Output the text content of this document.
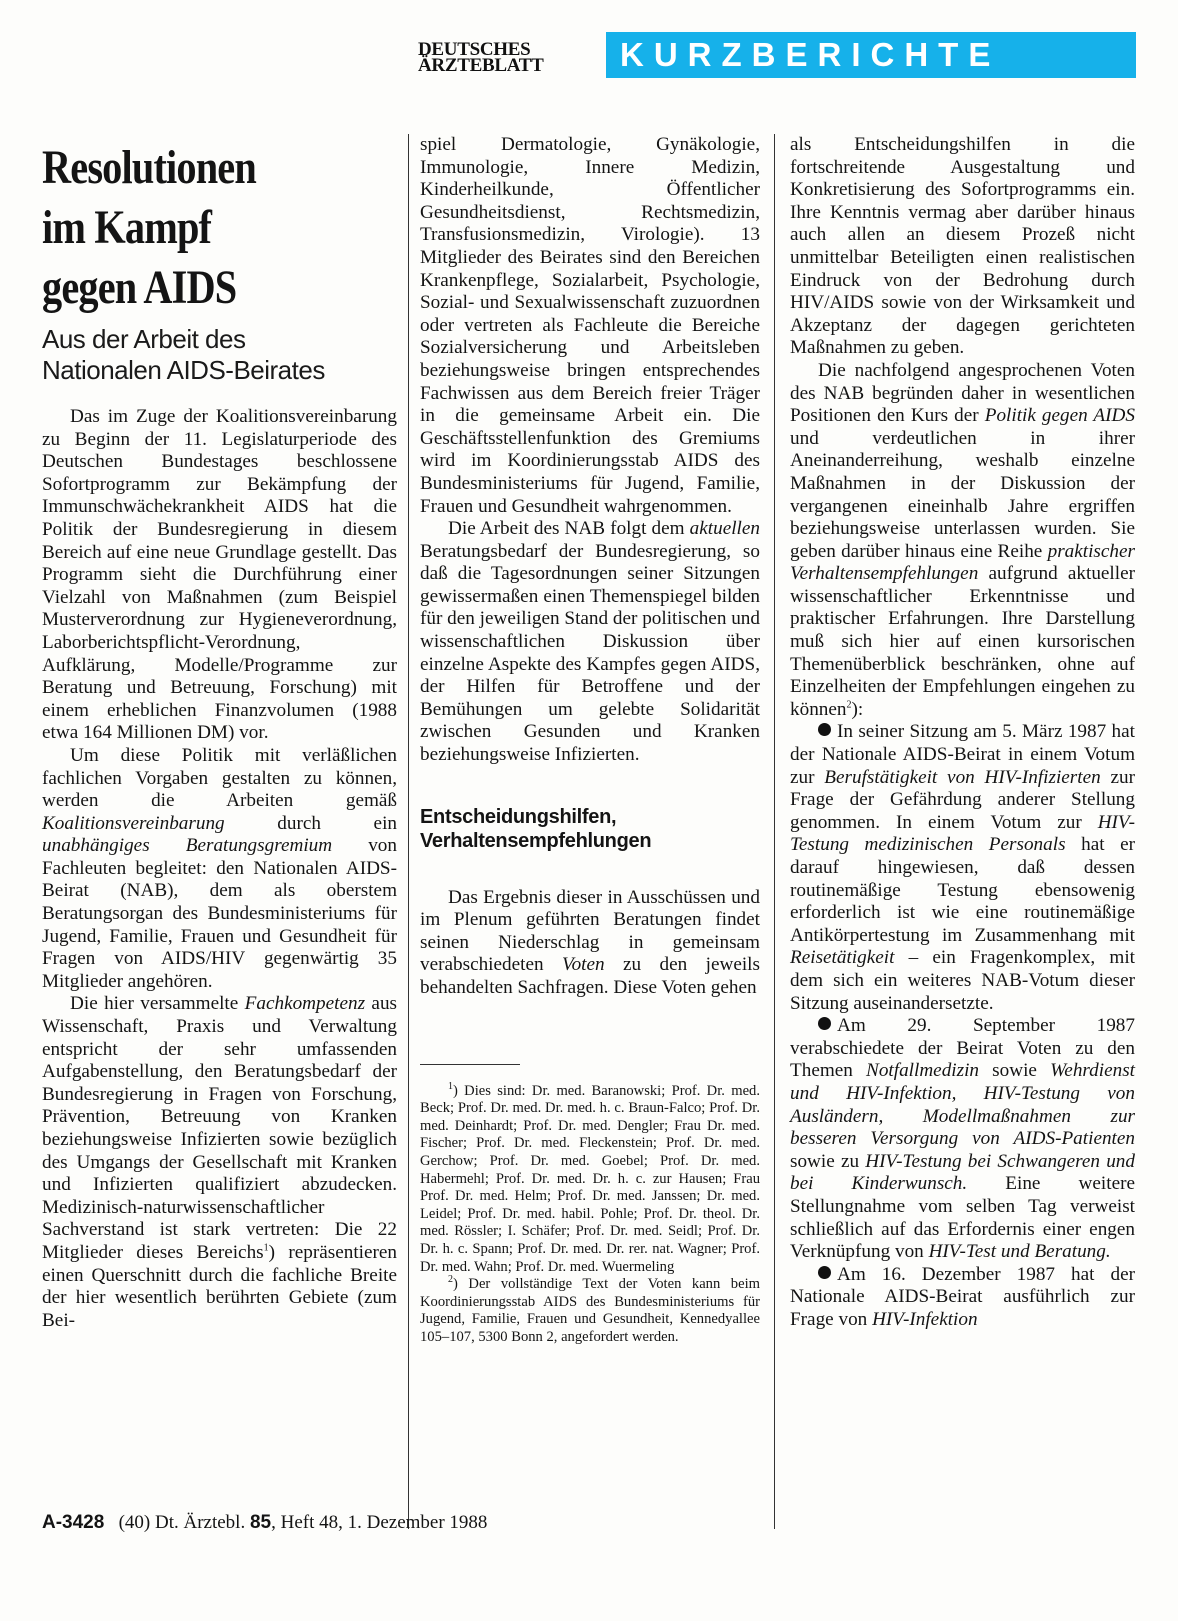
DEUTSCHES
ÄRZTEBLATT	KURZBERICHTE
Resolutionen
im Kampf
gegen AIDS
Aus der Arbeit des
Nationalen AIDS-Beirates

Das im Zuge der Koalitionsvereinbarung zu Beginn der 11. Legislaturperiode des Deutschen Bundestages beschlossene Sofortprogramm zur Bekämpfung der Immunschwächekrankheit AIDS hat die Politik der Bundesregierung in diesem Bereich auf eine neue Grundlage gestellt. Das Programm sieht die Durchführung einer Vielzahl von Maßnahmen (zum Beispiel Musterverordnung zur Hygieneverordnung, Laborberichtspflicht-Verordnung, Aufklärung, Modelle/Programme zur Beratung und Betreuung, Forschung) mit einem erheblichen Finanzvolumen (1988 etwa 164 Millionen DM) vor.

Um diese Politik mit verläßlichen fachlichen Vorgaben gestalten zu können, werden die Arbeiten gemäß Koalitionsvereinbarung durch ein unabhängiges Beratungsgremium von Fachleuten begleitet: den Nationalen AIDS-Beirat (NAB), dem als oberstem Beratungsorgan des Bundesministeriums für Jugend, Familie, Frauen und Gesundheit für Fragen von AIDS/HIV gegenwärtig 35 Mitglieder angehören.

Die hier versammelte Fachkompetenz aus Wissenschaft, Praxis und Verwaltung entspricht der sehr umfassenden Aufgabenstellung, den Beratungsbedarf der Bundesregierung in Fragen von Forschung, Prävention, Betreuung von Kranken beziehungsweise Infizierten sowie bezüglich des Umgangs der Gesellschaft mit Kranken und Infizierten qualifiziert abzudecken. Medizinisch-naturwissenschaftlicher Sachverstand ist stark vertreten: Die 22 Mitglieder dieses Bereichs$^1$) repräsentieren einen Querschnitt durch die fachliche Breite der hier wesentlich berührten Gebiete (zum Bei-

spiel Dermatologie, Gynäkologie, Immunologie, Innere Medizin, Kinderheilkunde, Öffentlicher Gesundheitsdienst, Rechtsmedizin, Transfusionsmedizin, Virologie). 13 Mitglieder des Beirates sind den Bereichen Krankenpflege, Sozialarbeit, Psychologie, Sozial- und Sexualwissenschaft zuzuordnen oder vertreten als Fachleute die Bereiche Sozialversicherung und Arbeitsleben beziehungsweise bringen entsprechendes Fachwissen aus dem Bereich freier Träger in die gemeinsame Arbeit ein. Die Geschäftsstellenfunktion des Gremiums wird im Koordinierungsstab AIDS des Bundesministeriums für Jugend, Familie, Frauen und Gesundheit wahrgenommen.

Die Arbeit des NAB folgt dem aktuellen Beratungsbedarf der Bundesregierung, so daß die Tagesordnungen seiner Sitzungen gewissermaßen einen Themenspiegel bilden für den jeweiligen Stand der politischen und wissenschaftlichen Diskussion über einzelne Aspekte des Kampfes gegen AIDS, der Hilfen für Betroffene und der Bemühungen um gelebte Solidarität zwischen Gesunden und Kranken beziehungsweise Infizierten.

Entscheidungshilfen,
Verhaltensempfehlungen

Das Ergebnis dieser in Ausschüssen und im Plenum geführten Beratungen findet seinen Niederschlag in gemeinsam verabschiedeten Voten zu den jeweils behandelten Sachfragen. Diese Voten gehen

$^1$) Dies sind: Dr. med. Baranowski; Prof. Dr. med. Beck; Prof. Dr. med. Dr. med. h. c. Braun-Falco; Prof. Dr. med. Deinhardt; Prof. Dr. med. Dengler; Frau Dr. med. Fischer; Prof. Dr. med. Fleckenstein; Prof. Dr. med. Gerchow; Prof. Dr. med. Goebel; Prof. Dr. med. Habermehl; Prof. Dr. med. Dr. h. c. zur Hausen; Frau Prof. Dr. med. Helm; Prof. Dr. med. Janssen; Dr. med. Leidel; Prof. Dr. med. habil. Pohle; Prof. Dr. theol. Dr. med. Rössler; I. Schäfer; Prof. Dr. med. Seidl; Prof. Dr. Dr. h. c. Spann; Prof. Dr. med. Dr. rer. nat. Wagner; Prof. Dr. med. Wahn; Prof. Dr. med. Wuermeling

$^2$) Der vollständige Text der Voten kann beim Koordinierungsstab AIDS des Bundesministeriums für Jugend, Familie, Frauen und Gesundheit, Kennedyallee 105–107, 5300 Bonn 2, angefordert werden.

als Entscheidungshilfen in die fortschreitende Ausgestaltung und Konkretisierung des Sofortprogramms ein. Ihre Kenntnis vermag aber darüber hinaus auch allen an diesem Prozeß nicht unmittelbar Beteiligten einen realistischen Eindruck von der Bedrohung durch HIV/AIDS sowie von der Wirksamkeit und Akzeptanz der dagegen gerichteten Maßnahmen zu geben.

Die nachfolgend angesprochenen Voten des NAB begründen daher in wesentlichen Positionen den Kurs der Politik gegen AIDS und verdeutlichen in ihrer Aneinanderreihung, weshalb einzelne Maßnahmen in der Diskussion der vergangenen eineinhalb Jahre ergriffen beziehungsweise unterlassen wurden. Sie geben darüber hinaus eine Reihe praktischer Verhaltensempfehlungen aufgrund aktueller wissenschaftlicher Erkenntnisse und praktischer Erfahrungen. Ihre Darstellung muß sich hier auf einen kursorischen Themenüberblick beschränken, ohne auf Einzelheiten der Empfehlungen eingehen zu können$^2$):

In seiner Sitzung am 5. März 1987 hat der Nationale AIDS-Beirat in einem Votum zur Berufstätigkeit von HIV-Infizierten zur Frage der Gefährdung anderer Stellung genommen. In einem Votum zur HIV-Testung medizinischen Personals hat er darauf hingewiesen, daß dessen routinemäßige Testung ebensowenig erforderlich ist wie eine routinemäßige Antikörpertestung im Zusammenhang mit Reisetätigkeit – ein Fragenkomplex, mit dem sich ein weiteres NAB-Votum dieser Sitzung auseinandersetzte.

Am 29. September 1987 verabschiedete der Beirat Voten zu den Themen Notfallmedizin sowie Wehrdienst und HIV-Infektion, HIV-Testung von Ausländern, Modellmaßnahmen zur besseren Versorgung von AIDS-Patienten sowie zu HIV-Testung bei Schwangeren und bei Kinderwunsch. Eine weitere Stellungnahme vom selben Tag verweist schließlich auf das Erfordernis einer engen Verknüpfung von HIV-Test und Beratung.

Am 16. Dezember 1987 hat der Nationale AIDS-Beirat ausführlich zur Frage von HIV-Infektion

A-3428   (40) Dt. Ärztebl. 85, Heft 48, 1. Dezember 1988
